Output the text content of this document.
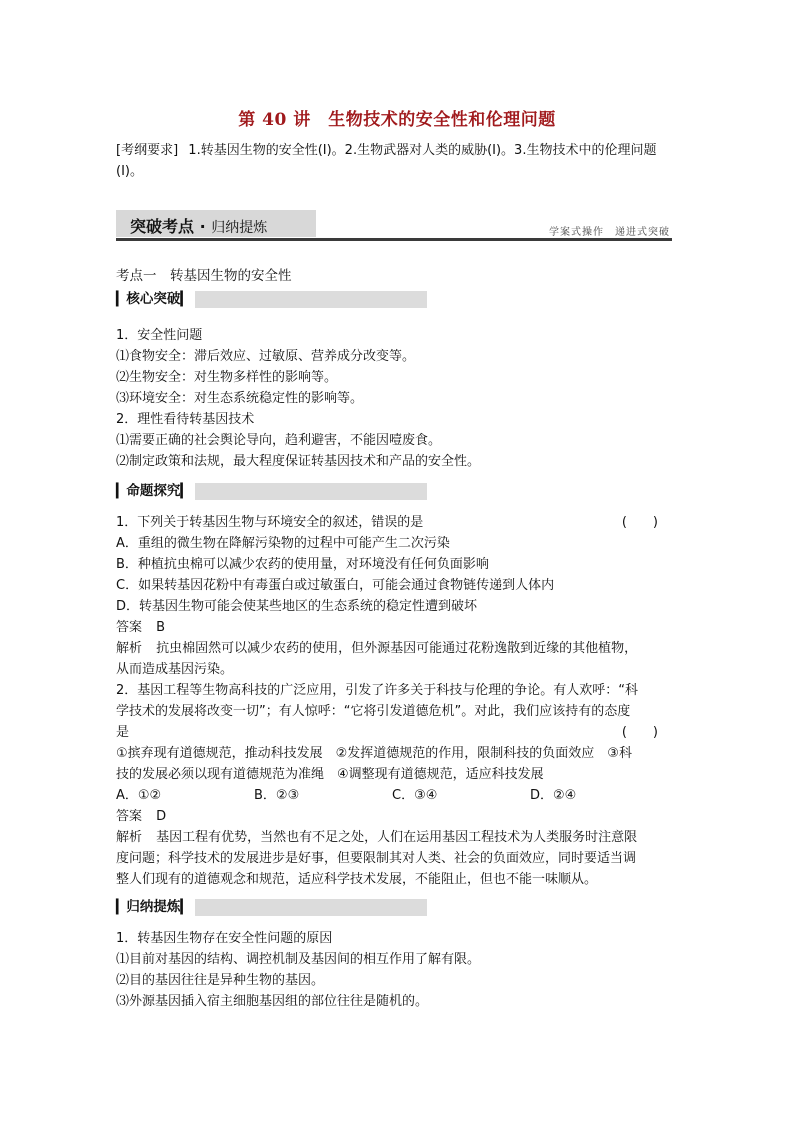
第 40 讲　生物技术的安全性和伦理问题
[考纲要求] 1.转基因生物的安全性(Ⅰ)。2.生物武器对人类的威胁(Ⅰ)。3.生物技术中的伦理问题(Ⅰ)。
突破考点 · 归纳提炼	学案式操作　递进式突破
考点一　转基因生物的安全性
▎核心突破▎

1．安全性问题

⑴食物安全：滞后效应、过敏原、营养成分改变等。

⑵生物安全：对生物多样性的影响等。

⑶环境安全：对生态系统稳定性的影响等。

2．理性看待转基因技术

⑴需要正确的社会舆论导向，趋利避害，不能因噎废食。

⑵制定政策和法规，最大程度保证转基因技术和产品的安全性。

▎命题探究▎

1．下列关于转基因生物与环境安全的叙述，错误的是	(　　)

A．重组的微生物在降解污染物的过程中可能产生二次污染

B．种植抗虫棉可以减少农药的使用量，对环境没有任何负面影响

C．如果转基因花粉中有毒蛋白或过敏蛋白，可能会通过食物链传递到人体内

D．转基因生物可能会使某些地区的生态系统的稳定性遭到破坏

答案 B

解析 抗虫棉固然可以减少农药的使用，但外源基因可能通过花粉逸散到近缘的其他植物，

从而造成基因污染。

2．基因工程等生物高科技的广泛应用，引发了许多关于科技与伦理的争论。有人欢呼：“科

学技术的发展将改变一切”；有人惊呼：“它将引发道德危机”。对此，我们应该持有的态度

是	(　　)

①摈弃现有道德规范，推动科技发展　②发挥道德规范的作用，限制科技的负面效应　③科

技的发展必须以现有道德规范为准绳　④调整现有道德规范，适应科技发展

A．①②	B．②③	C．③④	D．②④

答案 D

解析 基因工程有优势，当然也有不足之处，人们在运用基因工程技术为人类服务时注意限

度问题；科学技术的发展进步是好事，但要限制其对人类、社会的负面效应，同时要适当调

整人们现有的道德观念和规范，适应科学技术发展，不能阻止，但也不能一味顺从。

▎归纳提炼▎

1．转基因生物存在安全性问题的原因

⑴目前对基因的结构、调控机制及基因间的相互作用了解有限。

⑵目的基因往往是异种生物的基因。

⑶外源基因插入宿主细胞基因组的部位往往是随机的。
